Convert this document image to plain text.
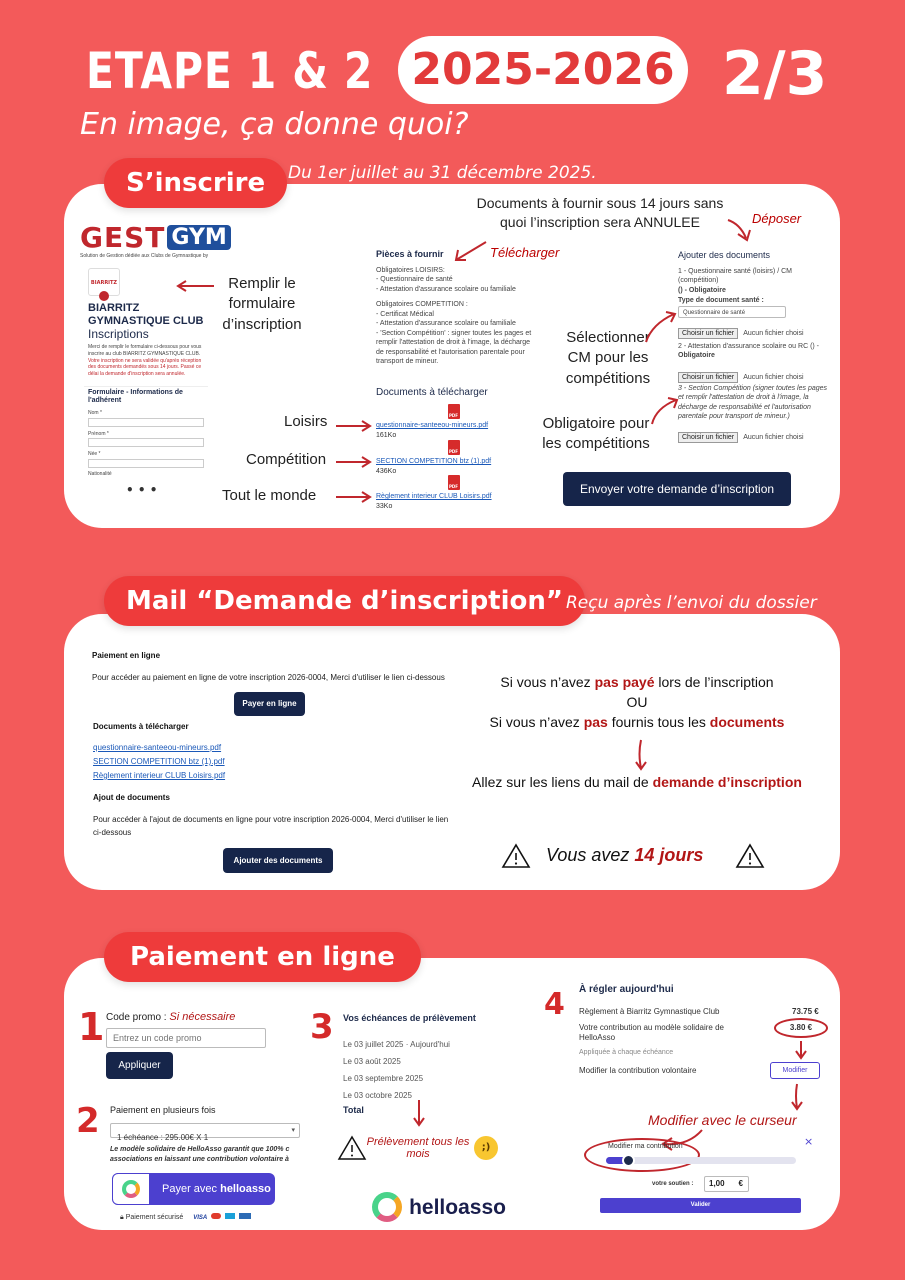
ETAPE 1 & 2 2025-2026 2/3
En image, ça donne quoi?
S’inscrire	Du 1er juillet au 31 décembre 2025.
GEST GYM
Solution de Gestion dédiée aux Clubs de Gymnastique by
BIARRITZ
BIARRITZ GYMNASTIQUE CLUB
Inscriptions
Merci de remplir le formulaire ci-dessous pour vous inscrire au club BIARRITZ GYMNASTIQUE CLUB. Votre inscription ne sera validée qu'après réception des documents demandés sous 14 jours. Passé ce délai la demande d'inscription sera annulée.
Formulaire - Informations de l'adhérent
Nom *
Prénom *
Née *
Nationalité
• • •
Remplir le formulaire d’inscription
Documents à fournir sous 14 jours sans quoi l’inscription sera ANNULEE	Déposer
Télécharger
Pièces à fournir
Obligatoires LOISIRS:
- Questionnaire de santé
- Attestation d'assurance scolaire ou familiale
Obligatoires COMPETITION :
- Certificat Médical
- Attestation d'assurance scolaire ou familiale
- 'Section Compétition' : signer toutes les pages et remplir l'attestation de droit à l'image, la décharge de responsabilité et l'autorisation parentale pour transport de mineur.
Documents à télécharger
PDF
questionnaire-santeeou-mineurs.pdf
161Ko
PDF
SECTION COMPETITION btz (1).pdf
436Ko
PDF
Règlement interieur CLUB Loisirs.pdf
33Ko
Loisirs
Compétition
Tout le monde
Ajouter des documents
1 - Questionnaire santé (loisirs) / CM (compétition)
() - Obligatoire
Type de document santé :
Questionnaire de santé
Choisir un fichier Aucun fichier choisi
2 - Attestation d'assurance scolaire ou RC () -
Obligatoire
Choisir un fichier Aucun fichier choisi
3 - Section Compétition (signer toutes les pages et remplir l'attestation de droit à l'image, la décharge de responsabilité et l'autorisation parentale pour transport de mineur.)
Choisir un fichier Aucun fichier choisi
Sélectionner CM pour les compétitions
Obligatoire pour les compétitions
Envoyer votre demande d’inscription
Mail “Demande d’inscription” Reçu après l’envoi du dossier
Paiement en ligne
Pour accéder au paiement en ligne de votre inscription 2026-0004, Merci d'utiliser le lien ci-dessous
Payer en ligne
Documents à télécharger
questionnaire-santeeou-mineurs.pdf
SECTION COMPETITION btz (1).pdf
Règlement interieur CLUB Loisirs.pdf
Ajout de documents
Pour accéder à l'ajout de documents en ligne pour votre inscription 2026-0004, Merci d'utiliser le lien ci-dessous
Ajouter des documents
Si vous n’avez pas payé lors de l’inscription
OU
Si vous n’avez pas fournis tous les documents
Allez sur les liens du mail de demande d’inscription
Vous avez 14 jours
Paiement en ligne
1 Code promo : Si nécessaire
Entrez un code promo
Appliquer
2 Paiement en plusieurs fois
1 échéance : 295.00€ X 1
▾
Le modèle solidaire de HelloAsso garantit que 100% c associations en laissant une contribution volontaire à
Payer avec helloasso
🔒︎ Paiement sécurisé VISA
3 Vos échéances de prélèvement
Le 03 juillet 2025 · Aujourd'hui
Le 03 août 2025
Le 03 septembre 2025
Le 03 octobre 2025
Total
Prélèvement tous les mois
;)
helloasso
4 À régler aujourd'hui
Règlement à Biarritz Gymnastique Club	73.75 €
Votre contribution au modèle solidaire de HelloAsso
3.80 €
Appliquée à chaque échéance
Modifier la contribution volontaire	Modifier
Modifier avec le curseur
×
Modifier ma contribution
votre soutien :	1,00 €
Valider
